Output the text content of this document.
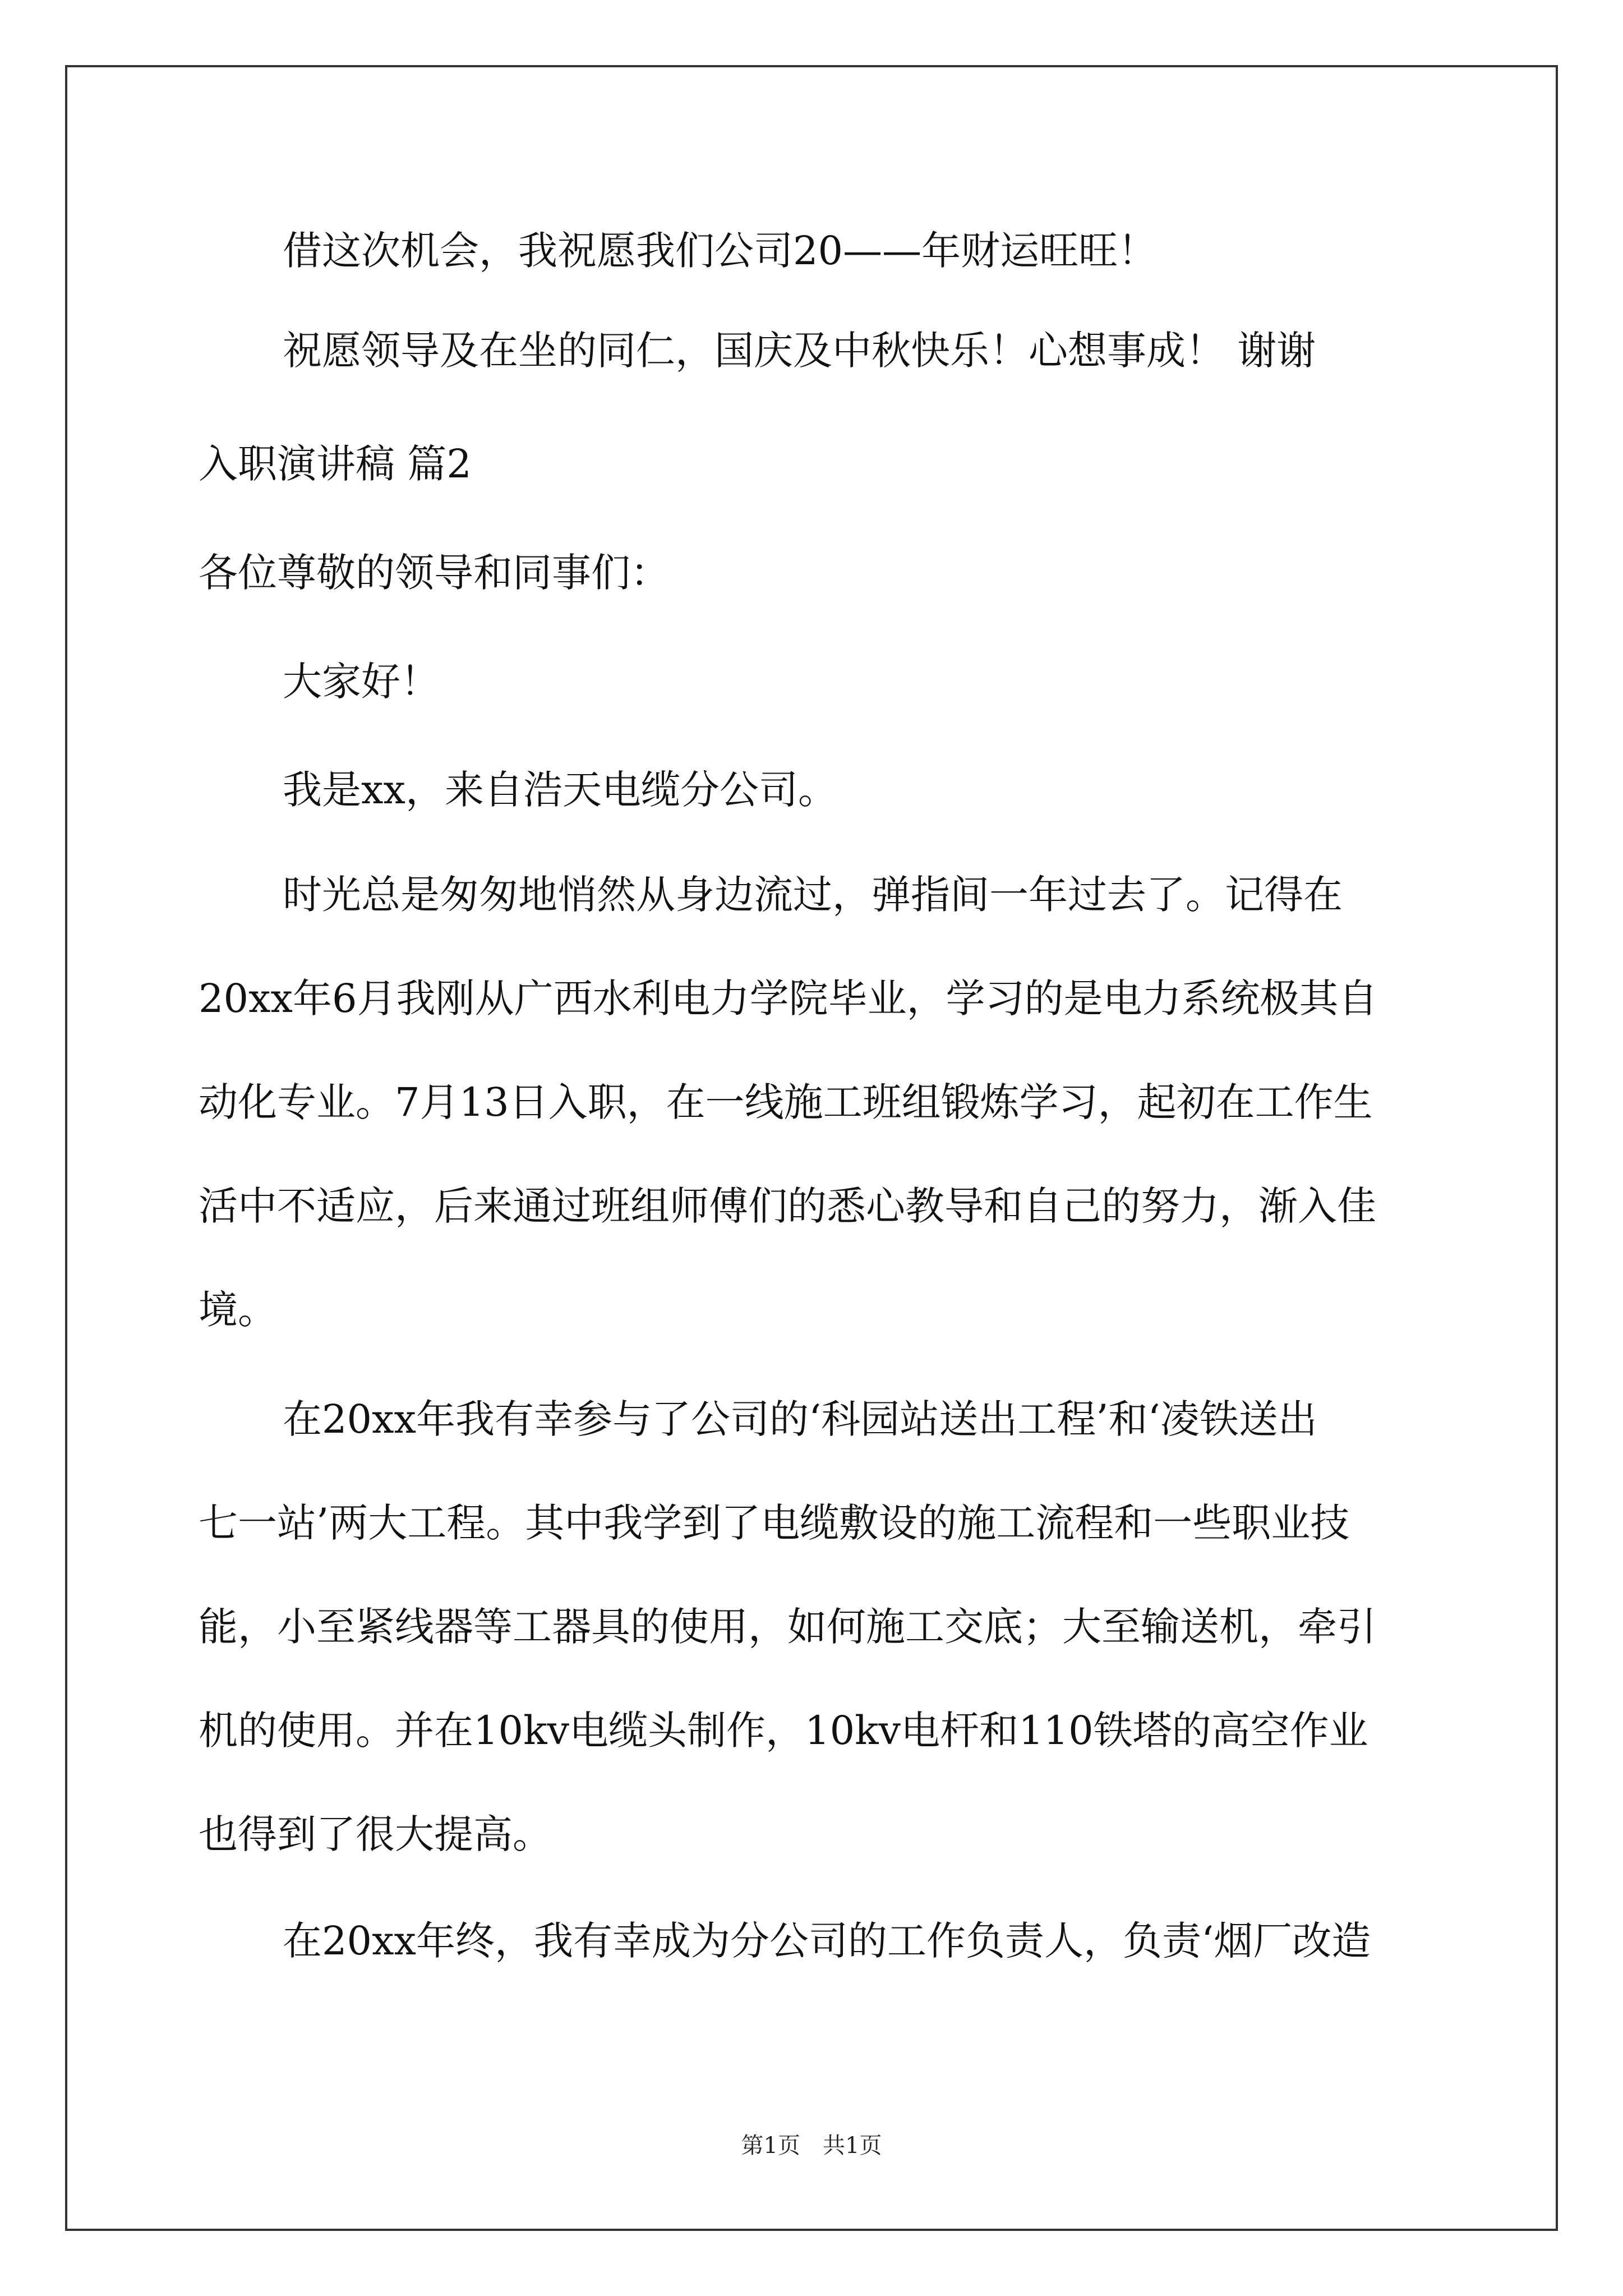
借这次机会，我祝愿我们公司20——年财运旺旺！
祝愿领导及在坐的同仁，国庆及中秋快乐！心想事成！ 谢谢
入职演讲稿 篇2
各位尊敬的领导和同事们：
大家好！
我是xx，来自浩天电缆分公司。
时光总是匆匆地悄然从身边流过，弹指间一年过去了。记得在
20xx年6月我刚从广西水利电力学院毕业，学习的是电力系统极其自
动化专业。7月13日入职，在一线施工班组锻炼学习，起初在工作生
活中不适应，后来通过班组师傅们的悉心教导和自己的努力，渐入佳
境。
在20xx年我有幸参与了公司的‘科园站送出工程’和‘凌铁送出
七一站’两大工程。其中我学到了电缆敷设的施工流程和一些职业技
能，小至紧线器等工器具的使用，如何施工交底；大至输送机，牵引
机的使用。并在10kv电缆头制作，10kv电杆和110铁塔的高空作业
也得到了很大提高。
在20xx年终，我有幸成为分公司的工作负责人，负责‘烟厂改造
第1页　共1页
